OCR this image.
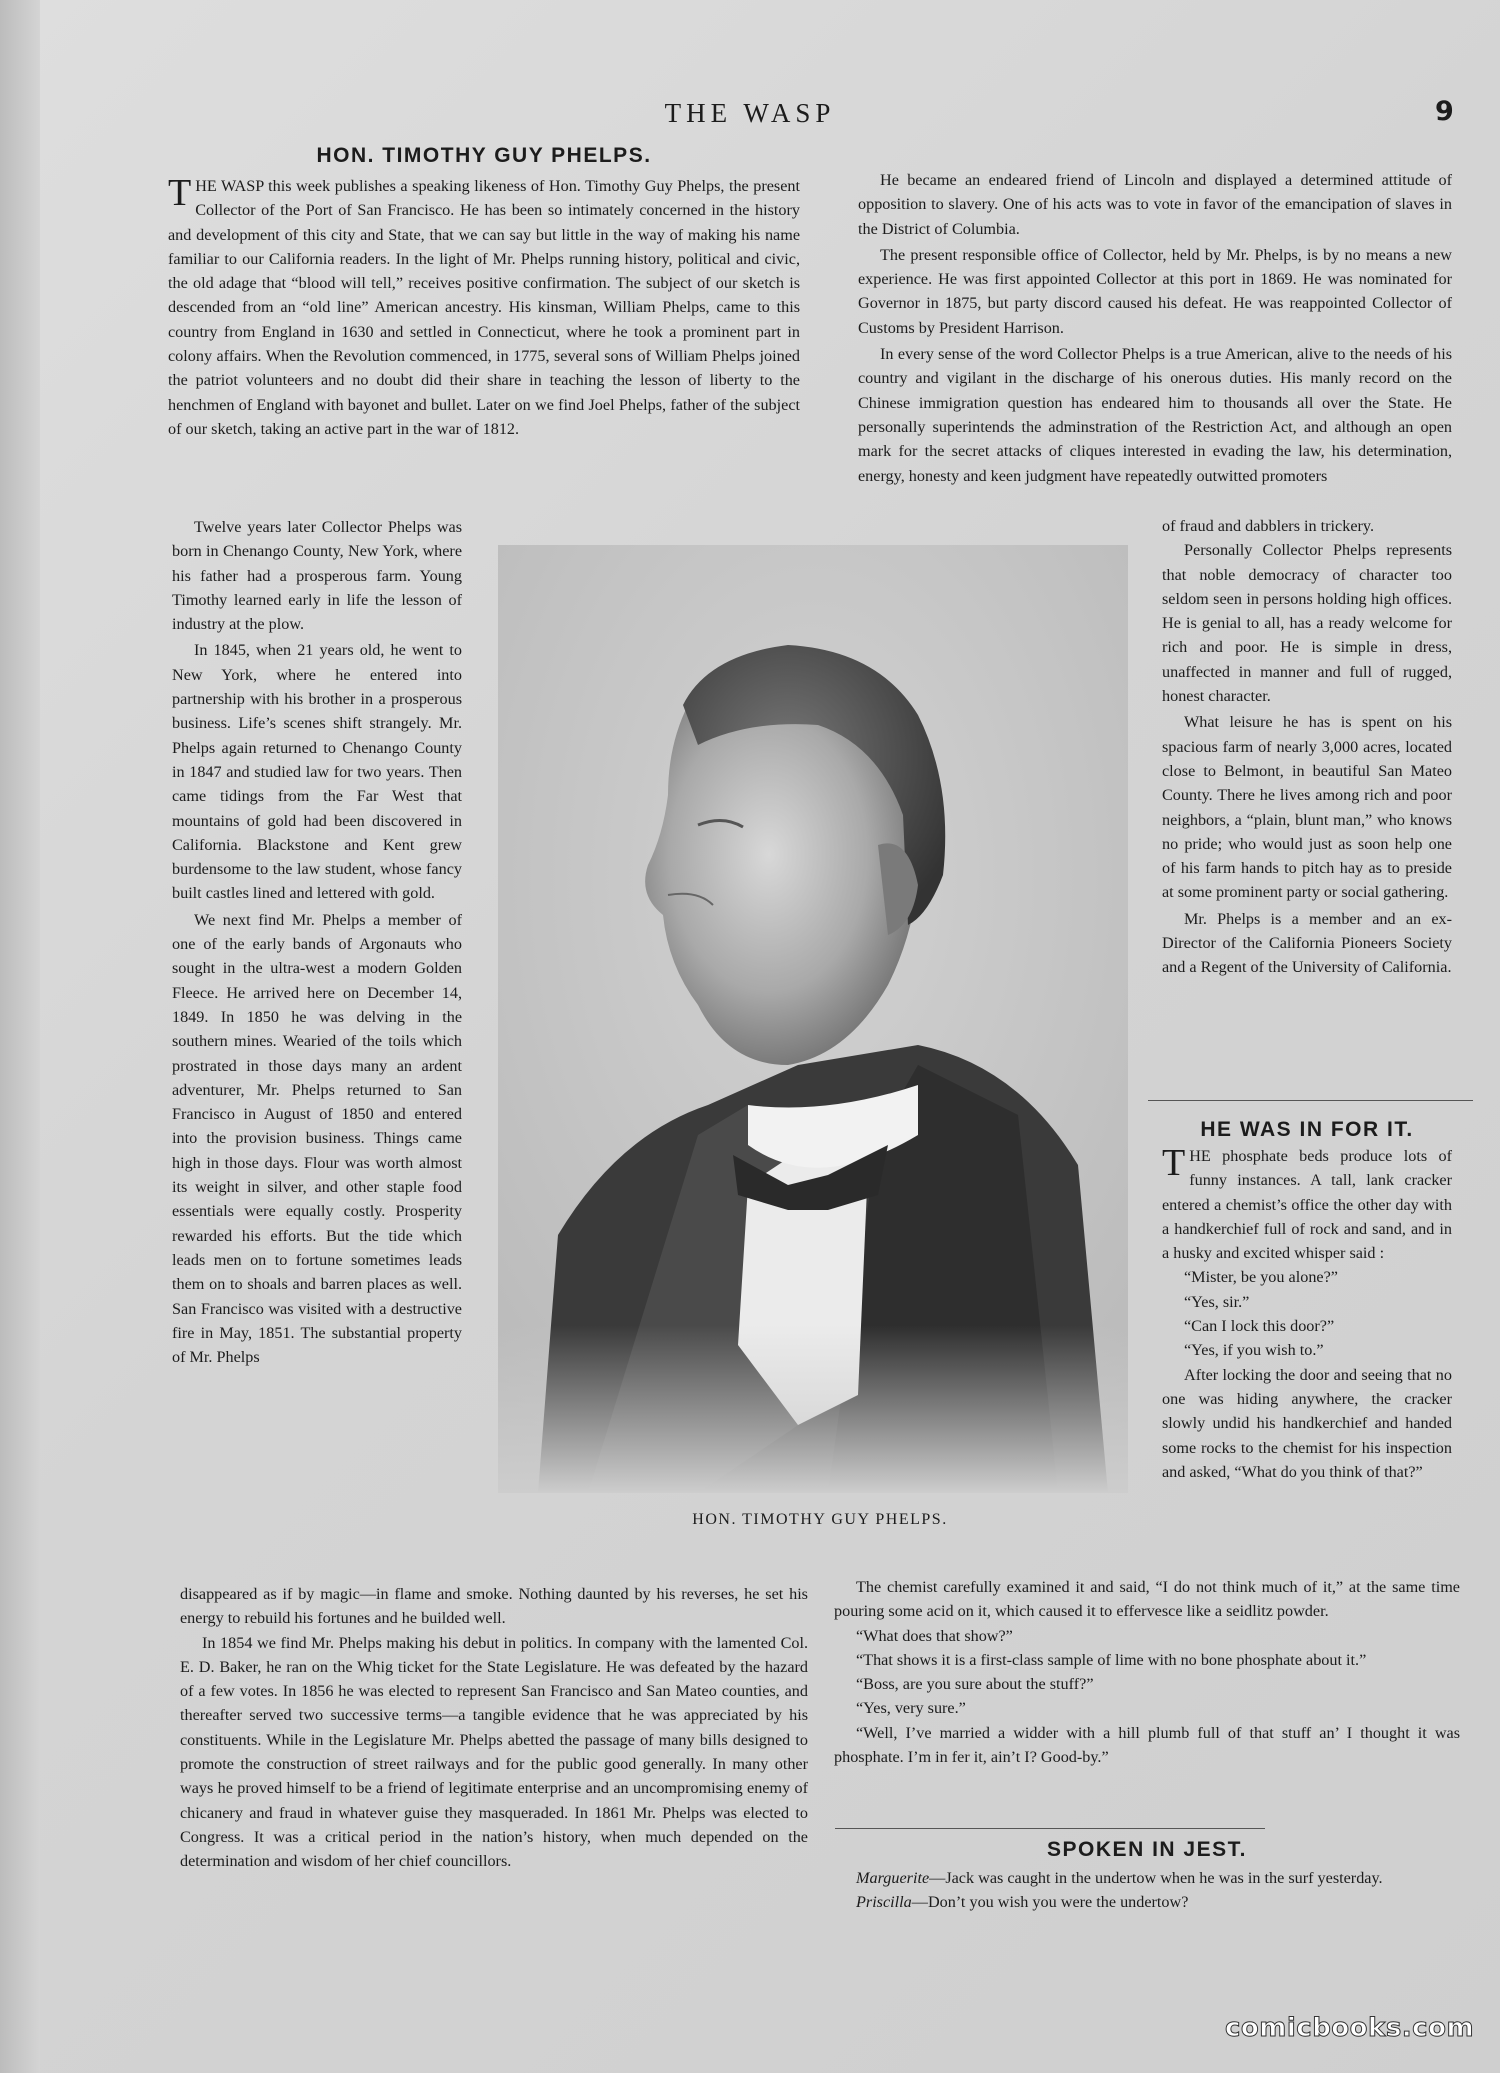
THE WASP	9
HON. TIMOTHY GUY PHELPS.

THE WASP this week publishes a speaking likeness of Hon. Timothy Guy Phelps, the present Collector of the Port of San Francisco. He has been so intimately concerned in the history and development of this city and State, that we can say but little in the way of making his name familiar to our California readers. In the light of Mr. Phelps running history, political and civic, the old adage that “blood will tell,” receives positive confirmation. The subject of our sketch is descended from an “old line” American ancestry. His kinsman, William Phelps, came to this country from England in 1630 and settled in Connecticut, where he took a prominent part in colony affairs. When the Revolution commenced, in 1775, several sons of William Phelps joined the patriot volunteers and no doubt did their share in teaching the lesson of liberty to the henchmen of England with bayonet and bullet. Later on we find Joel Phelps, father of the subject of our sketch, taking an active part in the war of 1812.

Twelve years later Collector Phelps was born in Chenango County, New York, where his father had a prosperous farm. Young Timothy learned early in life the lesson of industry at the plow.

In 1845, when 21 years old, he went to New York, where he entered into partnership with his brother in a prosperous business. Life’s scenes shift strangely. Mr. Phelps again returned to Chenango County in 1847 and studied law for two years. Then came tidings from the Far West that mountains of gold had been discovered in California. Blackstone and Kent grew burdensome to the law student, whose fancy built castles lined and lettered with gold.

We next find Mr. Phelps a member of one of the early bands of Argonauts who sought in the ultra-west a modern Golden Fleece. He arrived here on December 14, 1849. In 1850 he was delving in the southern mines. Wearied of the toils which prostrated in those days many an ardent adventurer, Mr. Phelps returned to San Francisco in August of 1850 and entered into the provision business. Things came high in those days. Flour was worth almost its weight in silver, and other staple food essentials were equally costly. Prosperity rewarded his efforts. But the tide which leads men on to fortune sometimes leads them on to shoals and barren places as well. San Francisco was visited with a destructive fire in May, 1851. The substantial property of Mr. Phelps

disappeared as if by magic—in flame and smoke. Nothing daunted by his reverses, he set his energy to rebuild his fortunes and he builded well.

In 1854 we find Mr. Phelps making his debut in politics. In company with the lamented Col. E. D. Baker, he ran on the Whig ticket for the State Legislature. He was defeated by the hazard of a few votes. In 1856 he was elected to represent San Francisco and San Mateo counties, and thereafter served two successive terms—a tangible evidence that he was appreciated by his constituents. While in the Legislature Mr. Phelps abetted the passage of many bills designed to promote the construction of street railways and for the public good generally. In many other ways he proved himself to be a friend of legitimate enterprise and an uncompromising enemy of chicanery and fraud in whatever guise they masqueraded. In 1861 Mr. Phelps was elected to Congress. It was a critical period in the nation’s history, when much depended on the determination and wisdom of her chief councillors.

He became an endeared friend of Lincoln and displayed a determined attitude of opposition to slavery. One of his acts was to vote in favor of the emancipation of slaves in the District of Columbia.

The present responsible office of Collector, held by Mr. Phelps, is by no means a new experience. He was first appointed Collector at this port in 1869. He was nominated for Governor in 1875, but party discord caused his defeat. He was reappointed Collector of Customs by President Harrison.

In every sense of the word Collector Phelps is a true American, alive to the needs of his country and vigilant in the discharge of his onerous duties. His manly record on the Chinese immigration question has endeared him to thousands all over the State. He personally superintends the adminstration of the Restriction Act, and although an open mark for the secret attacks of cliques interested in evading the law, his determination, energy, honesty and keen judgment have repeatedly outwitted promoters

of fraud and dabblers in trickery.

Personally Collector Phelps represents that noble democracy of character too seldom seen in persons holding high offices. He is genial to all, has a ready welcome for rich and poor. He is simple in dress, unaffected in manner and full of rugged, honest character.

What leisure he has is spent on his spacious farm of nearly 3,000 acres, located close to Belmont, in beautiful San Mateo County. There he lives among rich and poor neighbors, a “plain, blunt man,” who knows no pride; who would just as soon help one of his farm hands to pitch hay as to preside at some prominent party or social gathering.

Mr. Phelps is a member and an ex-Director of the California Pioneers Society and a Regent of the University of California.

HE WAS IN FOR IT.

THE phosphate beds produce lots of funny instances. A tall, lank cracker entered a chemist’s office the other day with a handkerchief full of rock and sand, and in a husky and excited whisper said :

“Mister, be you alone?”

“Yes, sir.”

“Can I lock this door?”

“Yes, if you wish to.”

After locking the door and seeing that no one was hiding anywhere, the cracker slowly undid his handkerchief and handed some rocks to the chemist for his inspection and asked, “What do you think of that?”

The chemist carefully examined it and said, “I do not think much of it,” at the same time pouring some acid on it, which caused it to effervesce like a seidlitz powder.

“What does that show?”

“That shows it is a first-class sample of lime with no bone phosphate about it.”

“Boss, are you sure about the stuff?”

“Yes, very sure.”

“Well, I’ve married a widder with a hill plumb full of that stuff an’ I thought it was phosphate. I’m in fer it, ain’t I? Good-by.”

SPOKEN IN JEST.

Marguerite—Jack was caught in the undertow when he was in the surf yesterday.

Priscilla—Don’t you wish you were the undertow?

HON. TIMOTHY GUY PHELPS.
comicbooks.com
